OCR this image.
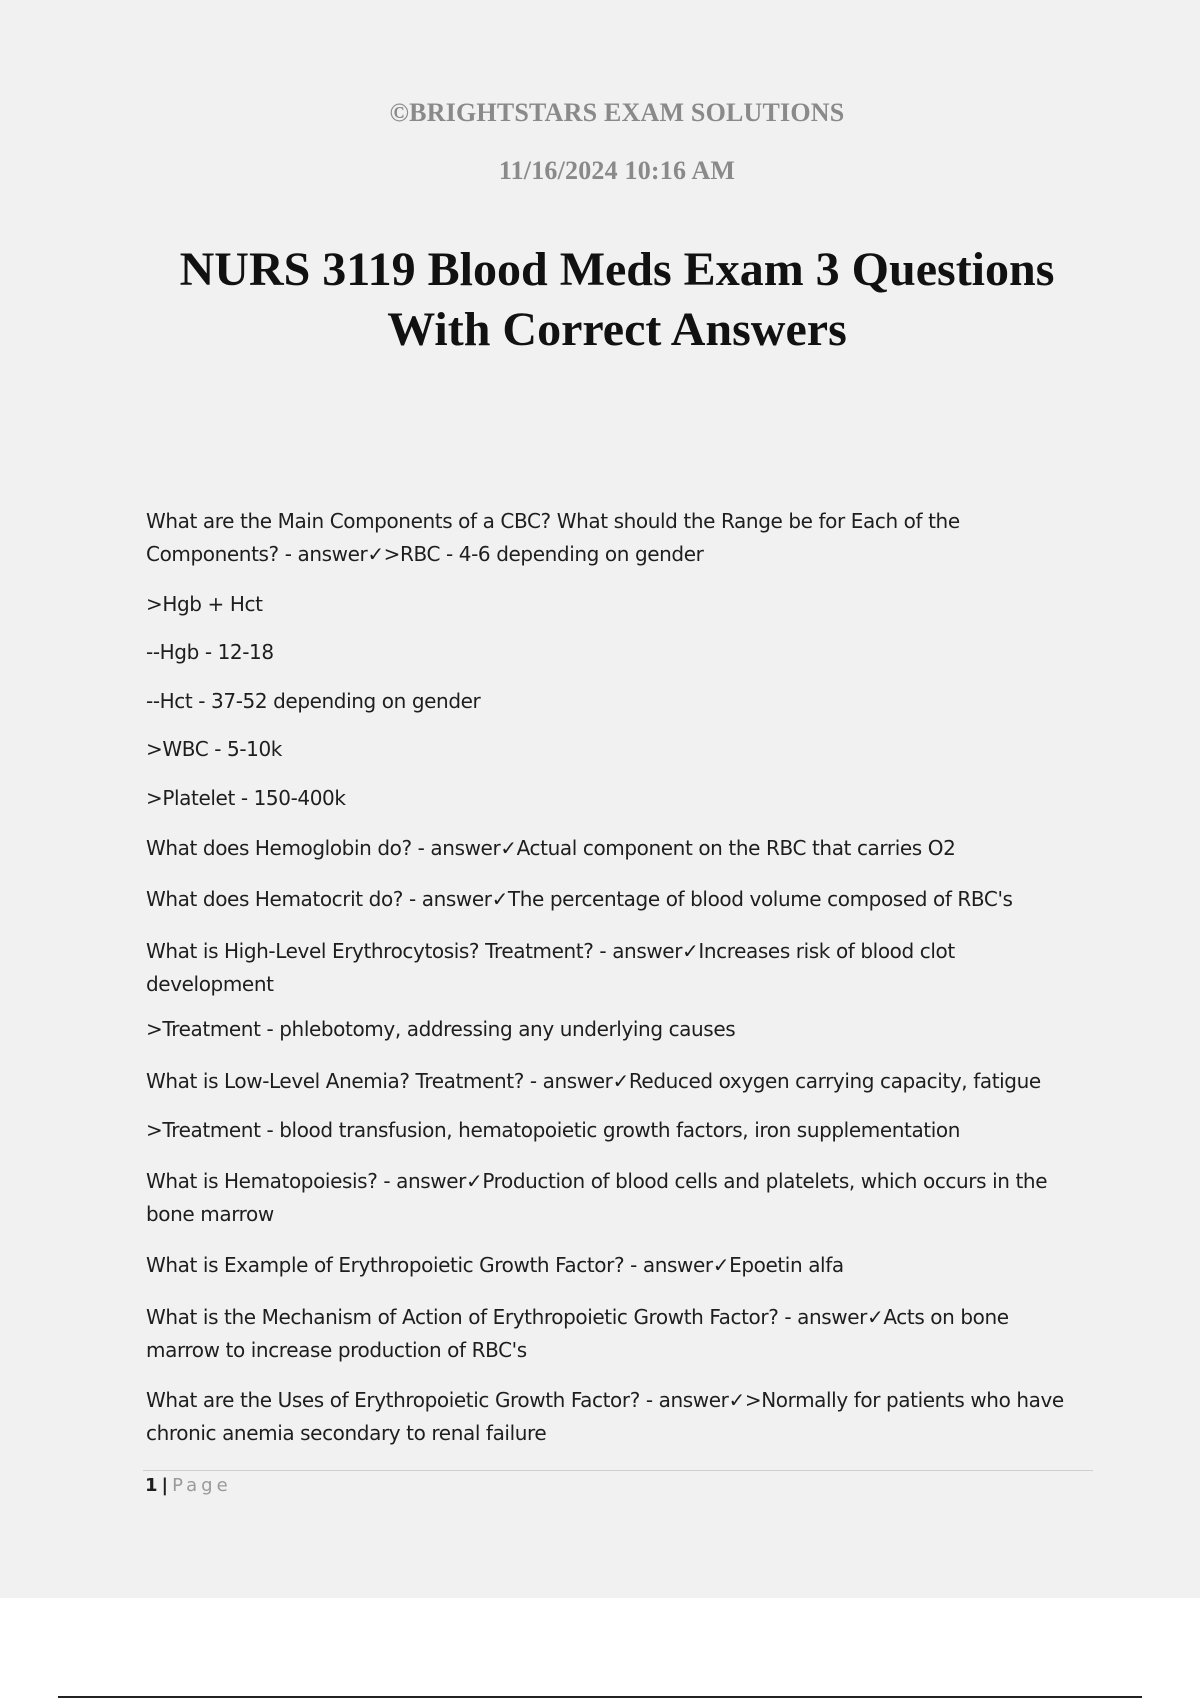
©BRIGHTSTARS EXAM SOLUTIONS
11/16/2024 10:16 AM
NURS 3119 Blood Meds Exam 3 Questions
With Correct Answers
What are the Main Components of a CBC? What should the Range be for Each of the Components? - answer✓>RBC - 4-6 depending on gender
>Hgb + Hct
--Hgb - 12-18
--Hct - 37-52 depending on gender
>WBC - 5-10k
>Platelet - 150-400k
What does Hemoglobin do? - answer✓Actual component on the RBC that carries O2
What does Hematocrit do? - answer✓The percentage of blood volume composed of RBC's
What is High-Level Erythrocytosis? Treatment? - answer✓Increases risk of blood clot development
>Treatment - phlebotomy, addressing any underlying causes
What is Low-Level Anemia? Treatment? - answer✓Reduced oxygen carrying capacity, fatigue
>Treatment - blood transfusion, hematopoietic growth factors, iron supplementation
What is Hematopoiesis? - answer✓Production of blood cells and platelets, which occurs in the bone marrow
What is Example of Erythropoietic Growth Factor? - answer✓Epoetin alfa
What is the Mechanism of Action of Erythropoietic Growth Factor? - answer✓Acts on bone marrow to increase production of RBC's
What are the Uses of Erythropoietic Growth Factor? - answer✓>Normally for patients who have chronic anemia secondary to renal failure
1 | Page
